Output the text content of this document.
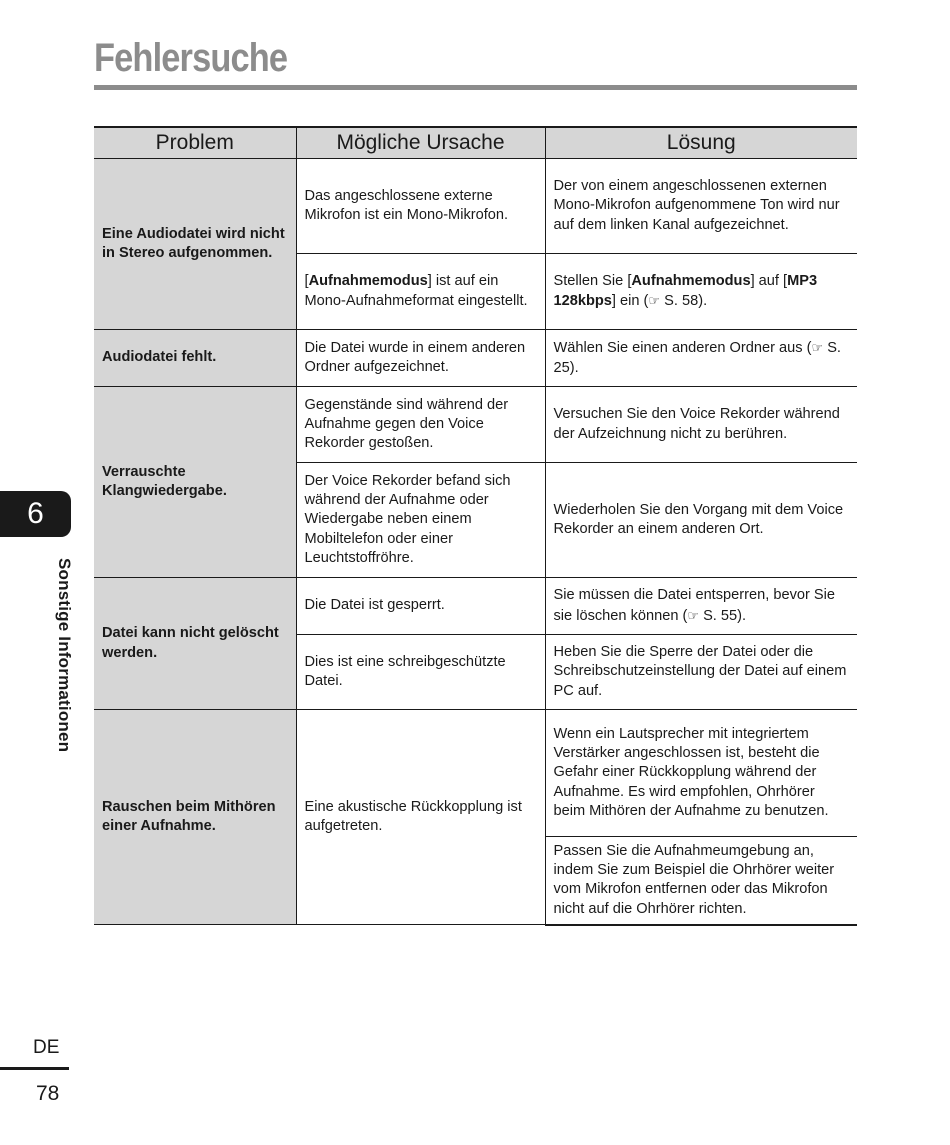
Fehlersuche
Problem	Mögliche Ursache	Lösung
Eine Audiodatei wird nicht in Stereo aufgenommen.	Das angeschlossene externe Mikrofon ist ein Mono-Mikrofon.	Der von einem angeschlossenen externen Mono-Mikrofon aufgenommene Ton wird nur auf dem linken Kanal aufgezeichnet.
	[Aufnahmemodus] ist auf ein Mono-Aufnahmeformat eingestellt.	Stellen Sie [Aufnahmemodus] auf [MP3 128kbps] ein (☞ S. 58).
Audiodatei fehlt.	Die Datei wurde in einem anderen Ordner aufgezeichnet.	Wählen Sie einen anderen Ordner aus (☞ S. 25).
Verrauschte Klangwiedergabe.	Gegenstände sind während der Aufnahme gegen den Voice Rekorder gestoßen.	Versuchen Sie den Voice Rekorder während der Aufzeichnung nicht zu berühren.
	Der Voice Rekorder befand sich während der Aufnahme oder Wiedergabe neben einem Mobiltelefon oder einer Leuchtstoffröhre.	Wiederholen Sie den Vorgang mit dem Voice Rekorder an einem anderen Ort.
Datei kann nicht gelöscht werden.	Die Datei ist gesperrt.	Sie müssen die Datei entsperren, bevor Sie sie löschen können (☞ S. 55).
	Dies ist eine schreibgeschützte Datei.	Heben Sie die Sperre der Datei oder die Schreibschutzeinstellung der Datei auf einem PC auf.
Rauschen beim Mithören einer Aufnahme.	Eine akustische Rückkopplung ist aufgetreten.	Wenn ein Lautsprecher mit integriertem Verstärker angeschlossen ist, besteht die Gefahr einer Rückkopplung während der Aufnahme. Es wird empfohlen, Ohrhörer beim Mithören der Aufnahme zu benutzen.
		Passen Sie die Aufnahmeumgebung an, indem Sie zum Beispiel die Ohrhörer weiter vom Mikrofon entfernen oder das Mikrofon nicht auf die Ohrhörer richten.
6
Sonstige Informationen
DE
78
